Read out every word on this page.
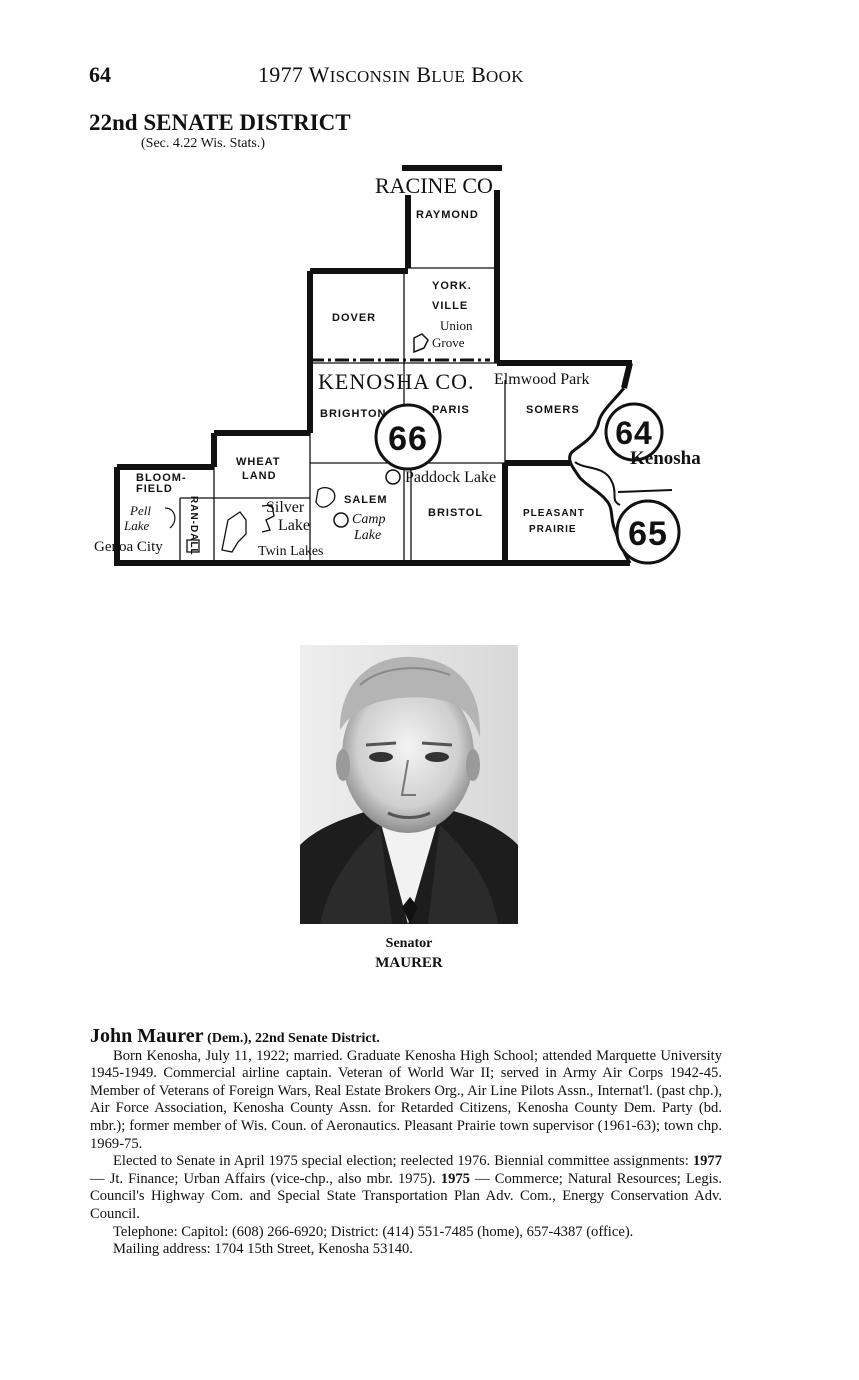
64	1977 WISCONSIN BLUE BOOK
22nd SENATE DISTRICT
(Sec. 4.22 Wis. Stats.)
RACINE CO.
RAYMOND
YORK.
VILLE
Union
Grove
DOVER
KENOSHA CO. Elmwood Park
BRIGHTON	PARIS	SOMERS
66	64
65
Kenosha
WHEAT
LAND
BLOOM-
FIELD
Paddock Lake
SALEM
Camp
Lake
Silver
Lake
BRISTOL	PLEASANT
PRAIRIE
Pell
Lake	RAN-DALL
Genoa City	Twin Lakes
Senator
MAURER

John Maurer (Dem.), 22nd Senate District.

Born Kenosha, July 11, 1922; married. Graduate Kenosha High School; attended Marquette University 1945-1949. Commercial airline captain. Veteran of World War II; served in Army Air Corps 1942-45. Member of Veterans of Foreign Wars, Real Estate Brokers Org., Air Line Pilots Assn., Internat'l. (past chp.), Air Force Association, Kenosha County Assn. for Retarded Citizens, Kenosha County Dem. Party (bd. mbr.); former member of Wis. Coun. of Aeronautics. Pleasant Prairie town supervisor (1961-63); town chp. 1969-75.

Elected to Senate in April 1975 special election; reelected 1976. Biennial committee assignments: 1977 — Jt. Finance; Urban Affairs (vice-chp., also mbr. 1975). 1975 — Commerce; Natural Resources; Legis. Council's Highway Com. and Special State Transportation Plan Adv. Com., Energy Conservation Adv. Council.

Telephone: Capitol: (608) 266-6920; District: (414) 551-7485 (home), 657-4387 (office).

Mailing address: 1704 15th Street, Kenosha 53140.
